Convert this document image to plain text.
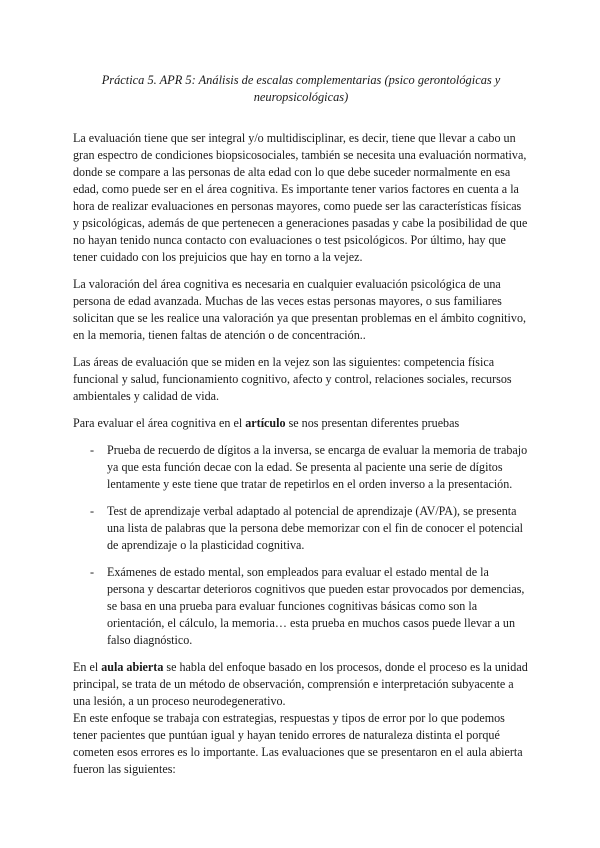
Práctica 5. APR 5: Análisis de escalas complementarias (psico gerontológicas y neuropsicológicas)

La evaluación tiene que ser integral y/o multidisciplinar, es decir, tiene que llevar a cabo un gran espectro de condiciones biopsicosociales, también se necesita una evaluación normativa, donde se compare a las personas de alta edad con lo que debe suceder normalmente en esa edad, como puede ser en el área cognitiva. Es importante tener varios factores en cuenta a la hora de realizar evaluaciones en personas mayores, como puede ser las características físicas y psicológicas, además de que pertenecen a generaciones pasadas y cabe la posibilidad de que no hayan tenido nunca contacto con evaluaciones o test psicológicos. Por último, hay que tener cuidado con los prejuicios que hay en torno a la vejez.

La valoración del área cognitiva es necesaria en cualquier evaluación psicológica de una persona de edad avanzada. Muchas de las veces estas personas mayores, o sus familiares solicitan que se les realice una valoración ya que presentan problemas en el ámbito cognitivo, en la memoria, tienen faltas de atención o de concentración..

Las áreas de evaluación que se miden en la vejez son las siguientes: competencia física funcional y salud, funcionamiento cognitivo, afecto y control, relaciones sociales, recursos ambientales y calidad de vida.

Para evaluar el área cognitiva en el artículo se nos presentan diferentes pruebas

- Prueba de recuerdo de dígitos a la inversa, se encarga de evaluar la memoria de trabajo ya que esta función decae con la edad. Se presenta al paciente una serie de dígitos lentamente y este tiene que tratar de repetirlos en el orden inverso a la presentación.
- Test de aprendizaje verbal adaptado al potencial de aprendizaje (AV/PA), se presenta una lista de palabras que la persona debe memorizar con el fin de conocer el potencial de aprendizaje o la plasticidad cognitiva.
- Exámenes de estado mental, son empleados para evaluar el estado mental de la persona y descartar deterioros cognitivos que pueden estar provocados por demencias, se basa en una prueba para evaluar funciones cognitivas básicas como son la orientación, el cálculo, la memoria… esta prueba en muchos casos puede llevar a un falso diagnóstico.

En el aula abierta se habla del enfoque basado en los procesos, donde el proceso es la unidad principal, se trata de un método de observación, comprensión e interpretación subyacente a una lesión, a un proceso neurodegenerativo.

En este enfoque se trabaja con estrategias, respuestas y tipos de error por lo que podemos tener pacientes que puntúan igual y hayan tenido errores de naturaleza distinta el porqué cometen esos errores es lo importante. Las evaluaciones que se presentaron en el aula abierta fueron las siguientes:
